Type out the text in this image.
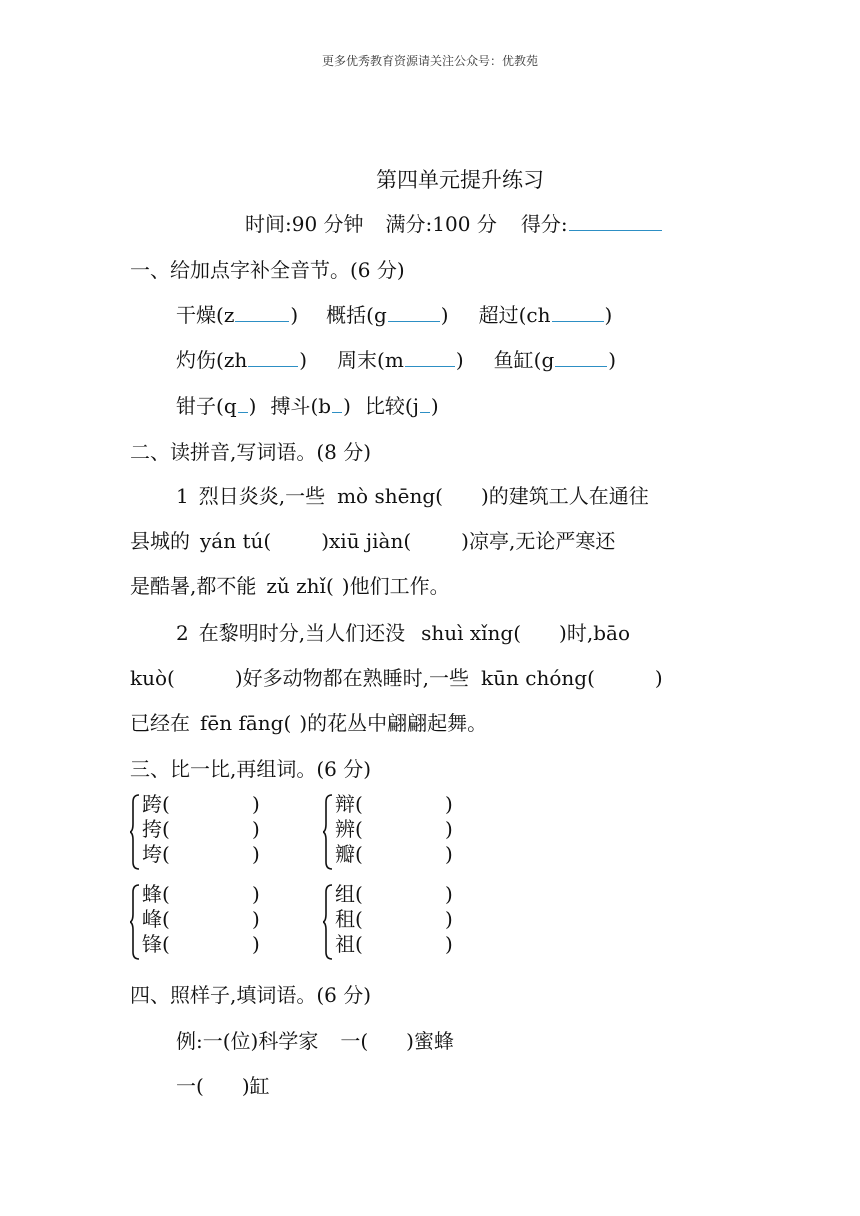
更多优秀教育资源请关注公众号：优教苑
第四单元提升练习
时间:90 分钟 满分:100 分 得分:
一、给加点字补全音节。(6 分)
干燥(z	) 概括(g	) 超过(ch	)
灼伤(zh	) 周末(m	) 鱼缸(g	)
钳子(q ) 搏斗(b ) 比较(j )
二、读拼音,写词语。(8 分)
1 烈日炎炎,一些 mò shēng( )的建筑工人在通往
县城的 yán tú(	)xiū jiàn(	)凉亭,无论严寒还
是酷暑,都不能 zǔ zhǐ( )他们工作。
2 在黎明时分,当人们还没 shuì xǐng( )时,bāo
kuò(	)好多动物都在熟睡时,一些 kūn chóng(	)
已经在 fēn fāng( )的花丛中翩翩起舞。
三、比一比,再组词。(6 分)
跨(	)
挎(	)
垮(	)
辩(	)
辨(	)
瓣(	)
蜂(	)
峰(	)
锋(	)
组(	)
租(	)
祖(	)
四、照样子,填词语。(6 分)
例:一(位)科学家 一( )蜜蜂
一( )缸
